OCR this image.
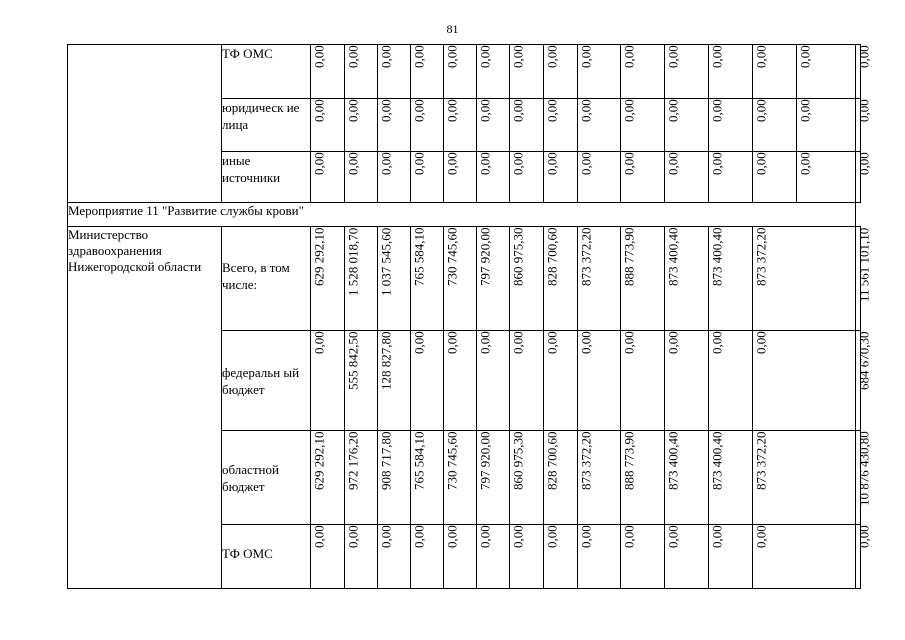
81
	ТФ ОМС	0,00	0,00	0,00	0,00	0,00	0,00	0,00	0,00	0,00	0,00	0,00	0,00	0,00	0,00	0,00
	юридическ ие лица	0,00	0,00	0,00	0,00	0,00	0,00	0,00	0,00	0,00	0,00	0,00	0,00	0,00	0,00	0,00
	иные источники	0,00	0,00	0,00	0,00	0,00	0,00	0,00	0,00	0,00	0,00	0,00	0,00	0,00	0,00	0,00
Мероприятие 11 "Развитие службы крови"																
Министерство здравоохранения Нижегородской области	Всего, в том числе:	629 292,10	1 528 018,70	1 037 545,60	765 584,10	730 745,60	797 920,00	860 975,30	828 700,60	873 372,20	888 773,90	873 400,40	873 400,40	873 372,20		11 561 101,10
	федеральн ый бюджет	0,00	555 842,50	128 827,80	0,00	0,00	0,00	0,00	0,00	0,00	0,00	0,00	0,00	0,00		684 670,30
	областной бюджет	629 292,10	972 176,20	908 717,80	765 584,10	730 745,60	797 920,00	860 975,30	828 700,60	873 372,20	888 773,90	873 400,40	873 400,40	873 372,20		10 876 430,80
	ТФ ОМС	0,00	0,00	0,00	0,00	0,00	0,00	0,00	0,00	0,00	0,00	0,00	0,00	0,00		0,00
